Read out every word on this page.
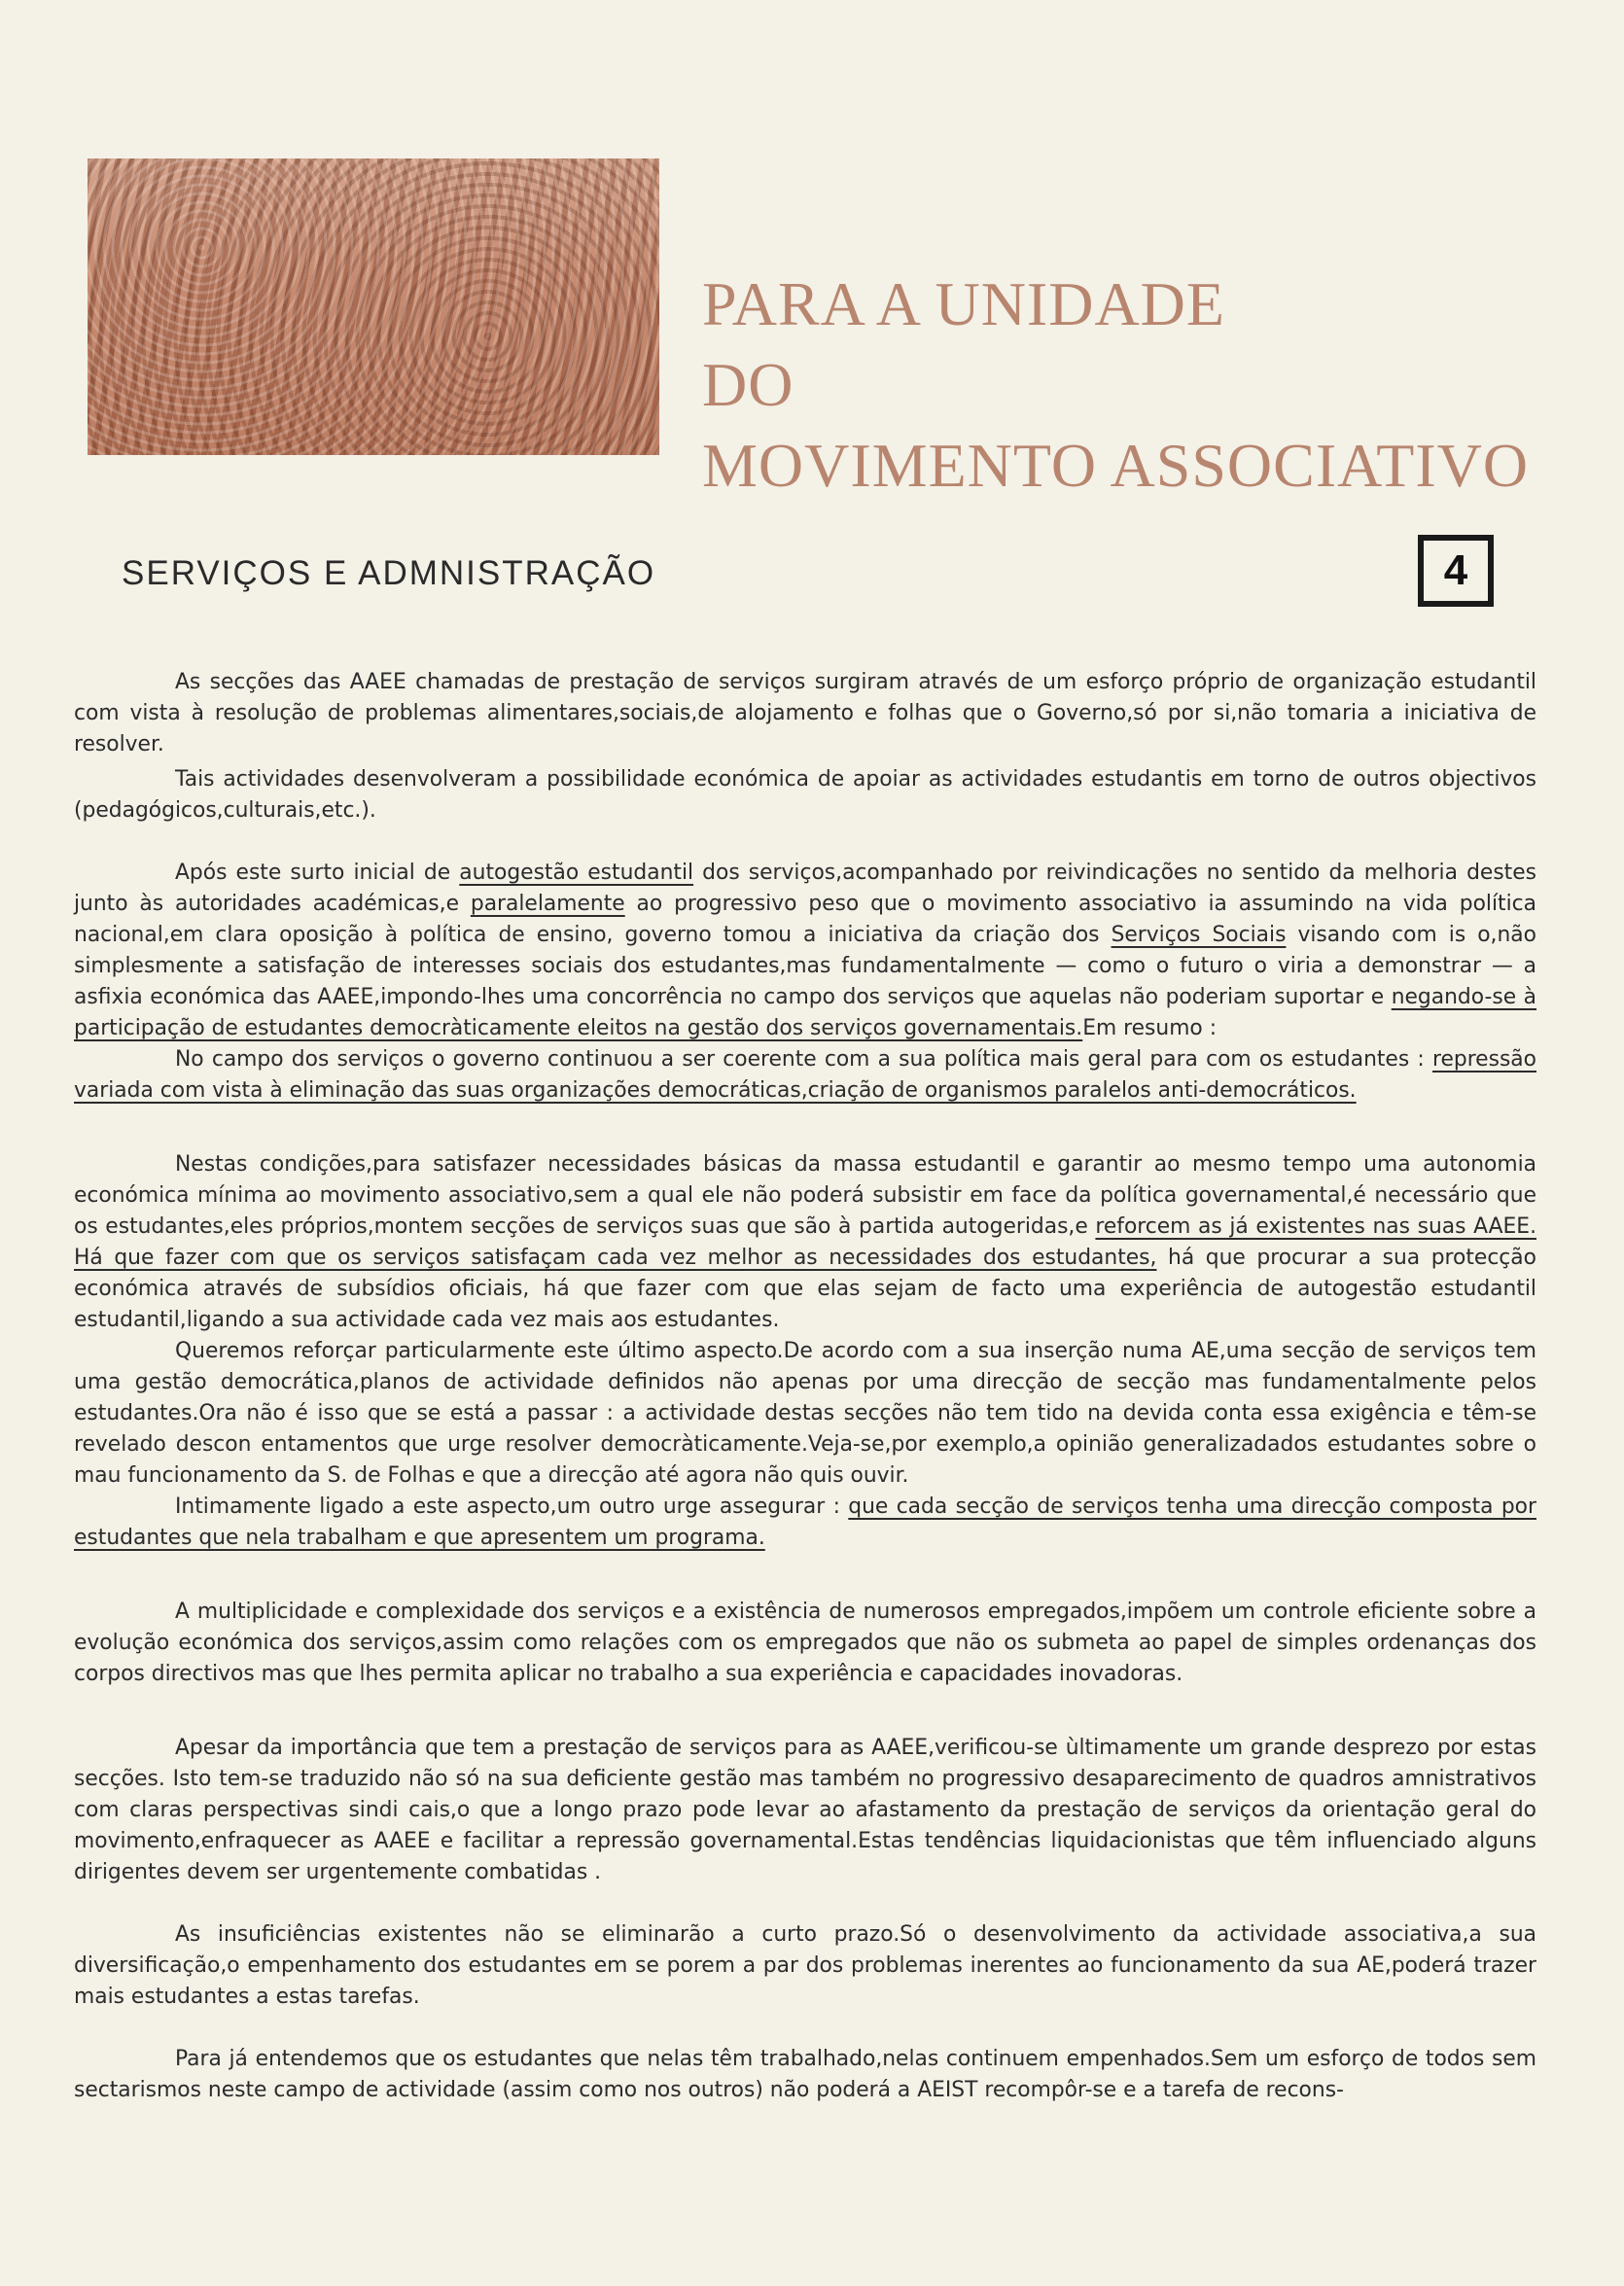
PARA A UNIDADE
DO
MOVIMENTO ASSOCIATIVO
SERVIÇOS E ADMNISTRAÇÃO	4

As secções das AAEE chamadas de prestação de serviços surgiram através de um esforço próprio de organização estudantil com vista à resolução de problemas alimentares,sociais,de alojamento e folhas que o Governo,só por si,não tomaria a iniciativa de resolver.

Tais actividades desenvolveram a possibilidade económica de apoiar as actividades estudantis em torno de outros objectivos (pedagógicos,culturais,etc.).

Após este surto inicial de autogestão estudantil dos serviços,acompanhado por reivindicações no sentido da melhoria destes junto às autoridades académicas,e paralelamente ao progressivo peso que o movimento associativo ia assumindo na vida política nacional,em clara oposição à política de ensino, governo tomou a iniciativa da criação dos Serviços Sociais visando com is o,não simplesmente a satisfação de interesses sociais dos estudantes,mas fundamentalmente — como o futuro o viria a demonstrar — a asfixia económica das AAEE,impondo-lhes uma concorrência no campo dos serviços que aquelas não poderiam suportar e negando-se à participação de estudantes democràticamente eleitos na gestão dos serviços governamentais.Em resumo :

No campo dos serviços o governo continuou a ser coerente com a sua política mais geral para com os estudantes : repressão variada com vista à eliminação das suas organizações democráticas,criação de organismos paralelos anti-democráticos.

Nestas condições,para satisfazer necessidades básicas da massa estudantil e garantir ao mesmo tempo uma autonomia económica mínima ao movimento associativo,sem a qual ele não poderá subsistir em face da política governamental,é necessário que os estudantes,eles próprios,montem secções de serviços suas que são à partida autogeridas,e reforcem as já existentes nas suas AAEE. Há que fazer com que os serviços satisfaçam cada vez melhor as necessidades dos estudantes, há que procurar a sua protecção económica através de subsídios oficiais, há que fazer com que elas sejam de facto uma experiência de autogestão estudantil estudantil,ligando a sua actividade cada vez mais aos estudantes.

Queremos reforçar particularmente este último aspecto.De acordo com a sua inserção numa AE,uma secção de serviços tem uma gestão democrática,planos de actividade definidos não apenas por uma direcção de secção mas fundamentalmente pelos estudantes.Ora não é isso que se está a passar : a actividade destas secções não tem tido na devida conta essa exigência e têm-se revelado descon entamentos que urge resolver democràticamente.Veja-se,por exemplo,a opinião generalizadados estudantes sobre o mau funcionamento da S. de Folhas e que a direcção até agora não quis ouvir.

Intimamente ligado a este aspecto,um outro urge assegurar : que cada secção de serviços tenha uma direcção composta por estudantes que nela trabalham e que apresentem um programa.

A multiplicidade e complexidade dos serviços e a existência de numerosos empregados,impõem um controle eficiente sobre a evolução económica dos serviços,assim como relações com os empregados que não os submeta ao papel de simples ordenanças dos corpos directivos mas que lhes permita aplicar no trabalho a sua experiência e capacidades inovadoras.

Apesar da importância que tem a prestação de serviços para as AAEE,verificou-se ùltimamente um grande desprezo por estas secções. Isto tem-se traduzido não só na sua deficiente gestão mas também no progressivo desaparecimento de quadros amnistrativos com claras perspectivas sindi cais,o que a longo prazo pode levar ao afastamento da prestação de serviços da orientação geral do movimento,enfraquecer as AAEE e facilitar a repressão governamental.Estas tendências liquidacionistas que têm influenciado alguns dirigentes devem ser urgentemente combatidas .

As insuficiências existentes não se eliminarão a curto prazo.Só o desenvolvimento da actividade associativa,a sua diversificação,o empenhamento dos estudantes em se porem a par dos problemas inerentes ao funcionamento da sua AE,poderá trazer mais estudantes a estas tarefas.

Para já entendemos que os estudantes que nelas têm trabalhado,nelas continuem empenhados.Sem um esforço de todos sem sectarismos neste campo de actividade (assim como nos outros) não poderá a AEIST recompôr-se e a tarefa de recons-
